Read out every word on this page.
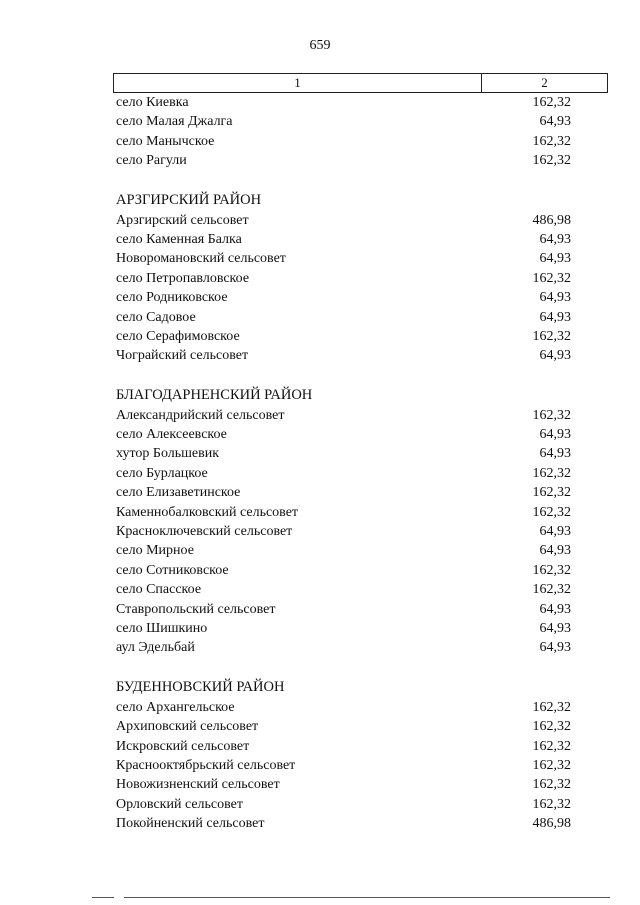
659
1	2
село Киевка	162,32
село Малая Джалга	64,93
село Манычское	162,32
село Рагули	162,32
АРЗГИРСКИЙ РАЙОН
Арзгирский сельсовет	486,98
село Каменная Балка	64,93
Новоромановский сельсовет	64,93
село Петропавловское	162,32
село Родниковское	64,93
село Садовое	64,93
село Серафимовское	162,32
Чограйский сельсовет	64,93
БЛАГОДАРНЕНСКИЙ РАЙОН
Александрийский сельсовет	162,32
село Алексеевское	64,93
хутор Большевик	64,93
село Бурлацкое	162,32
село Елизаветинское	162,32
Каменнобалковский сельсовет	162,32
Красноключевский сельсовет	64,93
село Мирное	64,93
село Сотниковское	162,32
село Спасское	162,32
Ставропольский сельсовет	64,93
село Шишкино	64,93
аул Эдельбай	64,93
БУДЕННОВСКИЙ РАЙОН
село Архангельское	162,32
Архиповский сельсовет	162,32
Искровский сельсовет	162,32
Краснооктябрьский сельсовет	162,32
Новожизненский сельсовет	162,32
Орловский сельсовет	162,32
Покойненский сельсовет	486,98
